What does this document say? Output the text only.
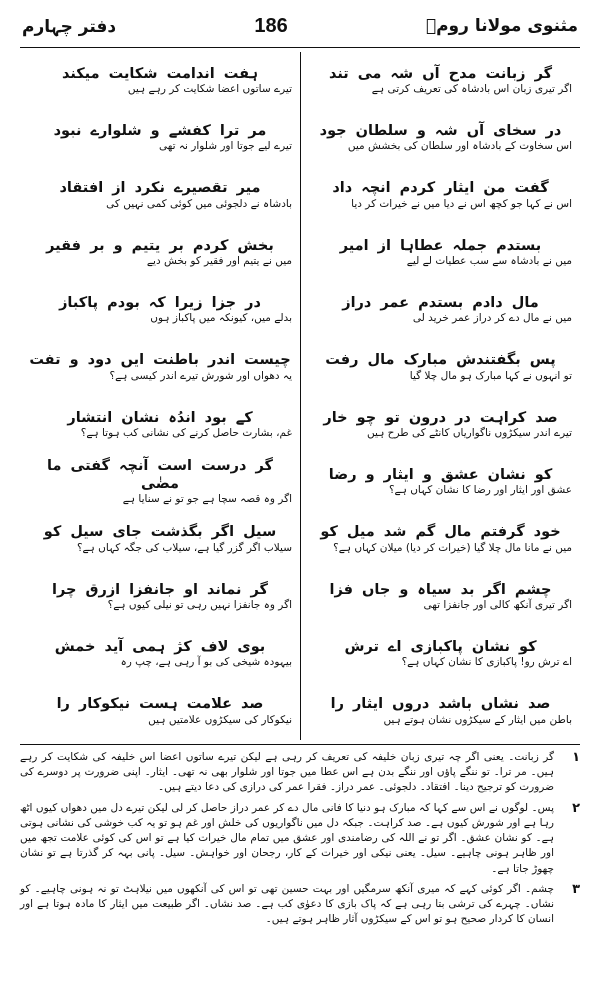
مثنوی مولانا رومؒ
186
دفتر چہارم
گر زبانت مدح آں شہ می تند
اگر تیری زبان اس بادشاہ کی تعریف کرتی ہے
در سخای آں شہ و سلطان جود
اس سخاوت کے بادشاہ اور سلطان کی بخشش میں
گفت من ایثار کردم انچہ داد
اس نے کہا جو کچھ اس نے دیا میں نے خیرات کر دیا
بستدم جملہ عطاہا از امیر
میں نے بادشاہ سے سب عطیات لے لیے
مال دادم بستدم عمر دراز
میں نے مال دے کر دراز عمر خرید لی
پس بگفتندش مبارک مال رفت
تو انہوں نے کہا مبارک ہو مال چلا گیا
صد کراہت در درون تو چو خار
تیرے اندر سیکڑوں ناگواریاں کانٹے کی طرح ہیں
کو نشان عشق و ایثار و رضا
عشق اور ایثار اور رضا کا نشان کہاں ہے؟
خود گرفتم مال گم شد میل کو
میں نے مانا مال چلا گیا (خیرات کر دیا) میلان کہاں ہے؟
چشم اگر بد سیاہ و جاں فزا
اگر تیری آنکھ کالی اور جانفزا تھی
کو نشان پاکبازی اے ترش
اے ترش رو! پاکبازی کا نشان کہاں ہے؟
صد نشاں باشد دروں ایثار را
باطن میں ایثار کے سیکڑوں نشان ہوتے ہیں
ہفت اندامت شکایت میکند
تیرے ساتوں اعضا شکایت کر رہے ہیں
مر ترا کفشے و شلوارے نبود
تیرے لیے جوتا اور شلوار نہ تھی
میر تقصیرے نکرد از افتقاد
بادشاہ نے دلجوئی میں کوئی کمی نہیں کی
بخش کردم بر یتیم و بر فقیر
میں نے یتیم اور فقیر کو بخش دیے
در جزا زیرا کہ بودم پاکباز
بدلے میں، کیونکہ میں پاکباز ہوں
چیست اندر باطنت ایں دود و تفت
یہ دھواں اور شورش تیرے اندر کیسی ہے؟
کے بود اندُہ نشان انتشار
غم، بشارت حاصل کرنے کی نشانی کب ہوتا ہے؟
گر درست است آنچہ گفتی ما مضٰی
اگر وہ قصہ سچا ہے جو تو نے سنایا ہے
سیل اگر بگذشت جای سیل کو
سیلاب اگر گزر گیا ہے، سیلاب کی جگہ کہاں ہے؟
گر نماند او جانفزا ازرق چرا
اگر وہ جانفزا نہیں رہی تو نیلی کیوں ہے؟
بوی لاف کژ ہمی آید خمش
بیہودہ شیخی کی بو آ رہی ہے، چپ رہ
صد علامت ہست نیکوکار را
نیکوکار کی سیکڑوں علامتیں ہیں
۱
گر زبانت۔ یعنی اگر چہ تیری زبان خلیفہ کی تعریف کر رہی ہے لیکن تیرے ساتوں اعضا اس خلیفہ کی شکایت کر رہے ہیں۔ مر ترا۔ تو ننگے پاؤں اور ننگے بدن ہے اس عطا میں جوتا اور شلوار بھی نہ تھی۔ ایثار۔ اپنی ضرورت پر دوسرے کی ضرورت کو ترجیح دینا۔ افتقاد۔ دلجوئی۔ عمر دراز۔ فقرا عمر کی درازی کی دعا دیتے ہیں۔
۲
پس۔ لوگوں نے اس سے کہا کہ مبارک ہو دنیا کا فانی مال دے کر عمر دراز حاصل کر لی لیکن تیرے دل میں دھواں کیوں اٹھ رہا ہے اور شورش کیوں ہے۔ صد کراہت۔ جبکہ دل میں ناگواریوں کی خلش اور غم ہو تو یہ کب خوشی کی نشانی ہوتی ہے۔ کو نشان عشق۔ اگر تو نے اللہ کی رضامندی اور عشق میں تمام مال خیرات کیا ہے تو اس کی کوئی علامت تجھ میں اور ظاہر ہونی چاہیے۔ سیل۔ یعنی نیکی اور خیرات کے کار، رجحان اور خواہش۔ سیل۔ پانی بہہ کر گذرتا ہے تو نشان چھوڑ جاتا ہے۔
۳
چشم۔ اگر کوئی کہے کہ میری آنکھ سرمگیں اور بہت حسین تھی تو اس کی آنکھوں میں نیلاہٹ تو نہ ہونی چاہیے۔ کو نشاں۔ چہرے کی ترشی بتا رہی ہے کہ پاک بازی کا دعوٰی کب ہے۔ صد نشاں۔ اگر طبیعت میں ایثار کا مادہ ہوتا ہے اور انسان کا کردار صحیح ہو تو اس کے سیکڑوں آثار ظاہر ہوتے ہیں۔
